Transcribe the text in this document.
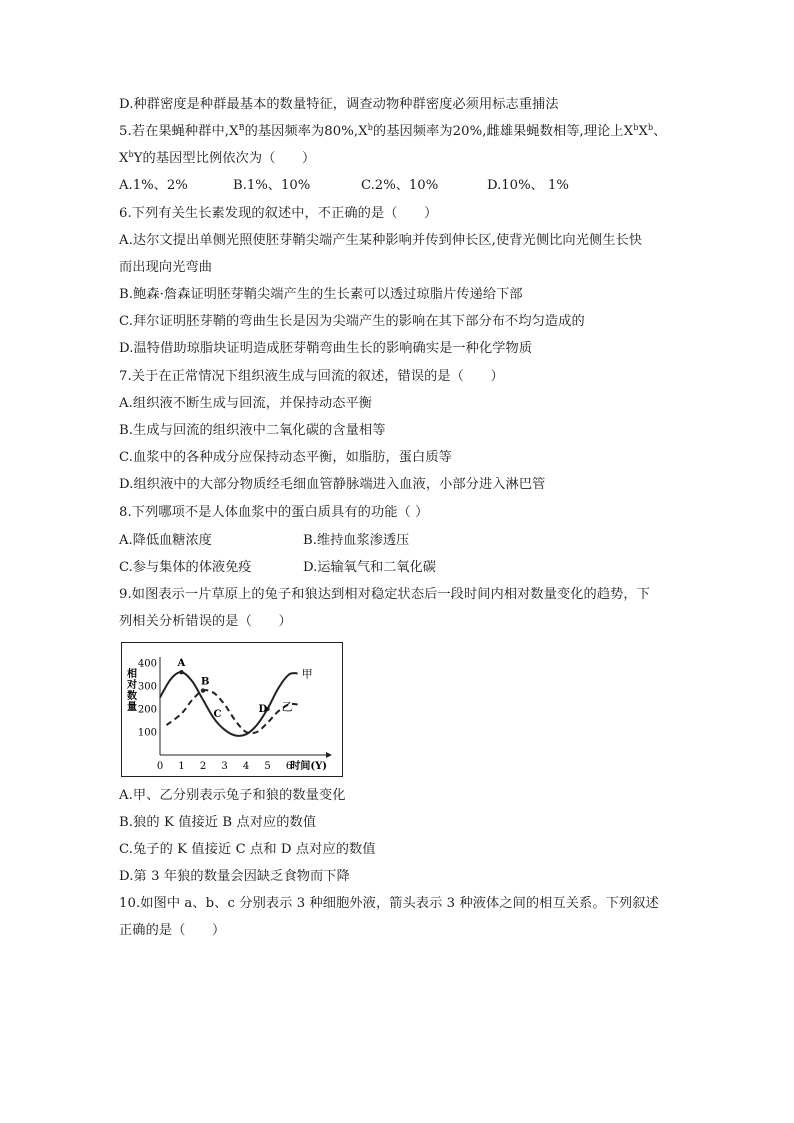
D.种群密度是种群最基本的数量特征，调查动物种群密度必须用标志重捕法
5.若在果蝇种群中$,X^B$的基因频率为$80\%,X^b$的基因频率为20%,雌雄果蝇数相等,理论上$X^bX^b$、
$X^bY$的基因型比例依次为（　　）
A.1%、2%	B.1%、10%	C.2%、10%	D.10%、 1%
6.下列有关生长素发现的叙述中，不正确的是（　　）
A.达尔文提出单侧光照使胚芽鞘尖端产生某种影响并传到伸长区,使背光侧比向光侧生长快
而出现向光弯曲
B.鲍森·詹森证明胚芽鞘尖端产生的生长素可以透过琼脂片传递给下部
C.拜尔证明胚芽鞘的弯曲生长是因为尖端产生的影响在其下部分布不均匀造成的
D.温特借助琼脂块证明造成胚芽鞘弯曲生长的影响确实是一种化学物质
7.关于在正常情况下组织液生成与回流的叙述，错误的是（　　）
A.组织液不断生成与回流，并保持动态平衡
B.生成与回流的组织液中二氧化碳的含量相等
C.血浆中的各种成分应保持动态平衡，如脂肪，蛋白质等
D.组织液中的大部分物质经毛细血管静脉端进入血液，小部分进入淋巴管
8.下列哪项不是人体血浆中的蛋白质具有的功能（ ）
A.降低血糖浓度	B.维持血浆渗透压
C.参与集体的体液免疫	D.运输氧气和二氧化碳
9.如图表示一片草原上的兔子和狼达到相对稳定状态后一段时间内相对数量变化的趋势，下
列相关分析错误的是（　　）
相对数量
时间(Y)
100
200
300
400
0 1 2 3 4 5 6
A
B
C	D
甲
乙
A.甲、乙分别表示兔子和狼的数量变化
B.狼的 K 值接近 B 点对应的数值
C.兔子的 K 值接近 C 点和 D 点对应的数值
D.第 3 年狼的数量会因缺乏食物而下降
10.如图中 a、b、c 分别表示 3 种细胞外液，箭头表示 3 种液体之间的相互关系。下列叙述
正确的是（　　）
